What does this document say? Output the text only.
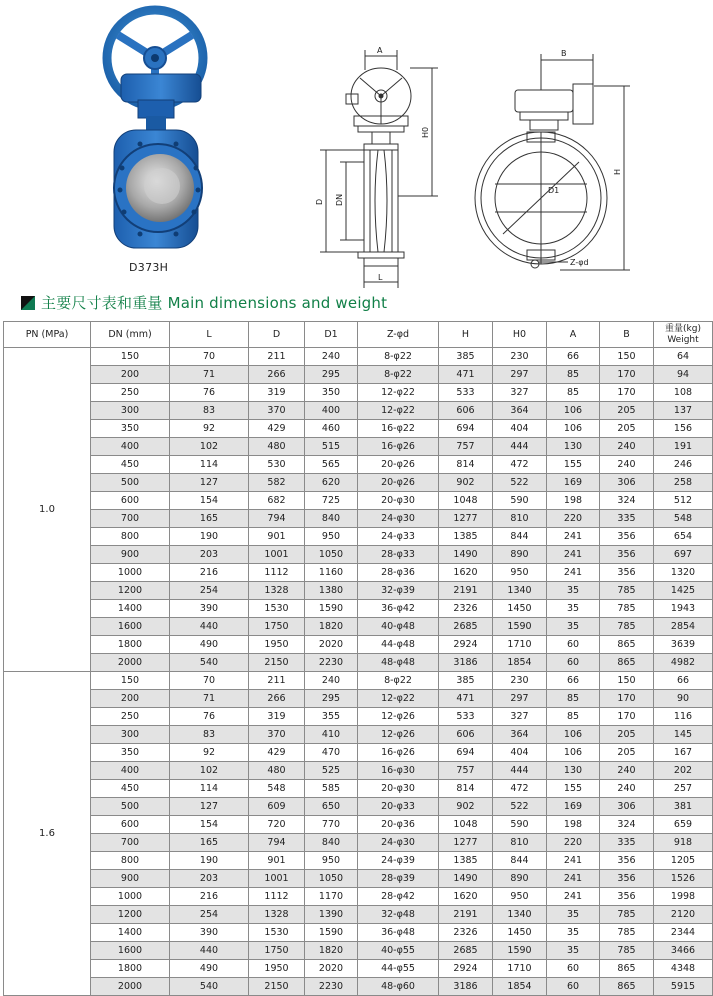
D373H
A
H0
D DN
L
B
H
D1
Z-φd
主要尺寸表和重量 Main dimensions and weight
PN (MPa)	DN (mm)	L	D	D1	Z-φd	H	H0	A	B	重量(kg)
Weight

1.0	150	70	211	240	8-φ22	385	230	66	150	64
	200	71	266	295	8-φ22	471	297	85	170	94
	250	76	319	350	12-φ22	533	327	85	170	108
	300	83	370	400	12-φ22	606	364	106	205	137
	350	92	429	460	16-φ22	694	404	106	205	156
	400	102	480	515	16-φ26	757	444	130	240	191
	450	114	530	565	20-φ26	814	472	155	240	246
	500	127	582	620	20-φ26	902	522	169	306	258
	600	154	682	725	20-φ30	1048	590	198	324	512
	700	165	794	840	24-φ30	1277	810	220	335	548
	800	190	901	950	24-φ33	1385	844	241	356	654
	900	203	1001	1050	28-φ33	1490	890	241	356	697
	1000	216	1112	1160	28-φ36	1620	950	241	356	1320
	1200	254	1328	1380	32-φ39	2191	1340	35	785	1425
	1400	390	1530	1590	36-φ42	2326	1450	35	785	1943
	1600	440	1750	1820	40-φ48	2685	1590	35	785	2854
	1800	490	1950	2020	44-φ48	2924	1710	60	865	3639
	2000	540	2150	2230	48-φ48	3186	1854	60	865	4982
1.6	150	70	211	240	8-φ22	385	230	66	150	66
	200	71	266	295	12-φ22	471	297	85	170	90
	250	76	319	355	12-φ26	533	327	85	170	116
	300	83	370	410	12-φ26	606	364	106	205	145
	350	92	429	470	16-φ26	694	404	106	205	167
	400	102	480	525	16-φ30	757	444	130	240	202
	450	114	548	585	20-φ30	814	472	155	240	257
	500	127	609	650	20-φ33	902	522	169	306	381
	600	154	720	770	20-φ36	1048	590	198	324	659
	700	165	794	840	24-φ30	1277	810	220	335	918
	800	190	901	950	24-φ39	1385	844	241	356	1205
	900	203	1001	1050	28-φ39	1490	890	241	356	1526
	1000	216	1112	1170	28-φ42	1620	950	241	356	1998
	1200	254	1328	1390	32-φ48	2191	1340	35	785	2120
	1400	390	1530	1590	36-φ48	2326	1450	35	785	2344
	1600	440	1750	1820	40-φ55	2685	1590	35	785	3466
	1800	490	1950	2020	44-φ55	2924	1710	60	865	4348
	2000	540	2150	2230	48-φ60	3186	1854	60	865	5915
